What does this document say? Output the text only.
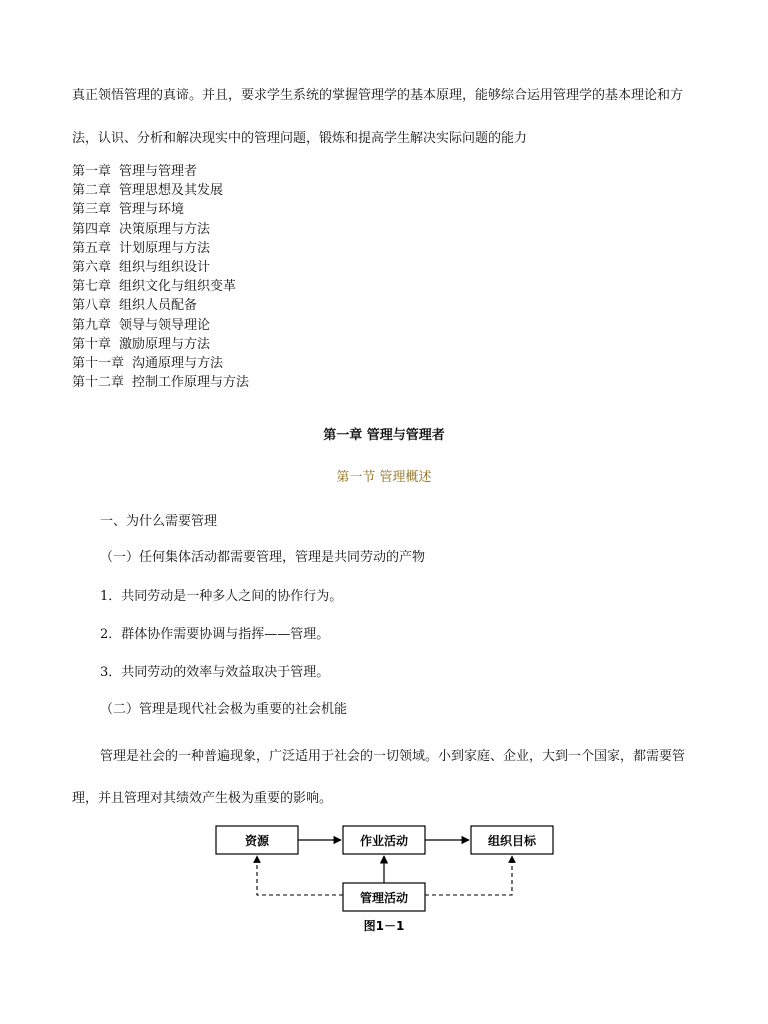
真正领悟管理的真谛。并且，要求学生系统的掌握管理学的基本原理，能够综合运用管理学的基本理论和方法，认识、分析和解决现实中的管理问题，锻炼和提高学生解决实际问题的能力

第一章 管理与管理者
第二章 管理思想及其发展
第三章 管理与环境
第四章 决策原理与方法
第五章 计划原理与方法
第六章 组织与组织设计
第七章 组织文化与组织变革
第八章 组织人员配备
第九章 领导与领导理论
第十章 激励原理与方法
第十一章 沟通原理与方法
第十二章 控制工作原理与方法

第一章 管理与管理者

第一节 管理概述

一、为什么需要管理

（一）任何集体活动都需要管理，管理是共同劳动的产物

1．共同劳动是一种多人之间的协作行为。

2．群体协作需要协调与指挥——管理。

3．共同劳动的效率与效益取决于管理。

（二）管理是现代社会极为重要的社会机能

管理是社会的一种普遍现象，广泛适用于社会的一切领域。小到家庭、企业，大到一个国家，都需要管理，并且管理对其绩效产生极为重要的影响。

资源	作业活动	组织目标
管理活动
图1－1
